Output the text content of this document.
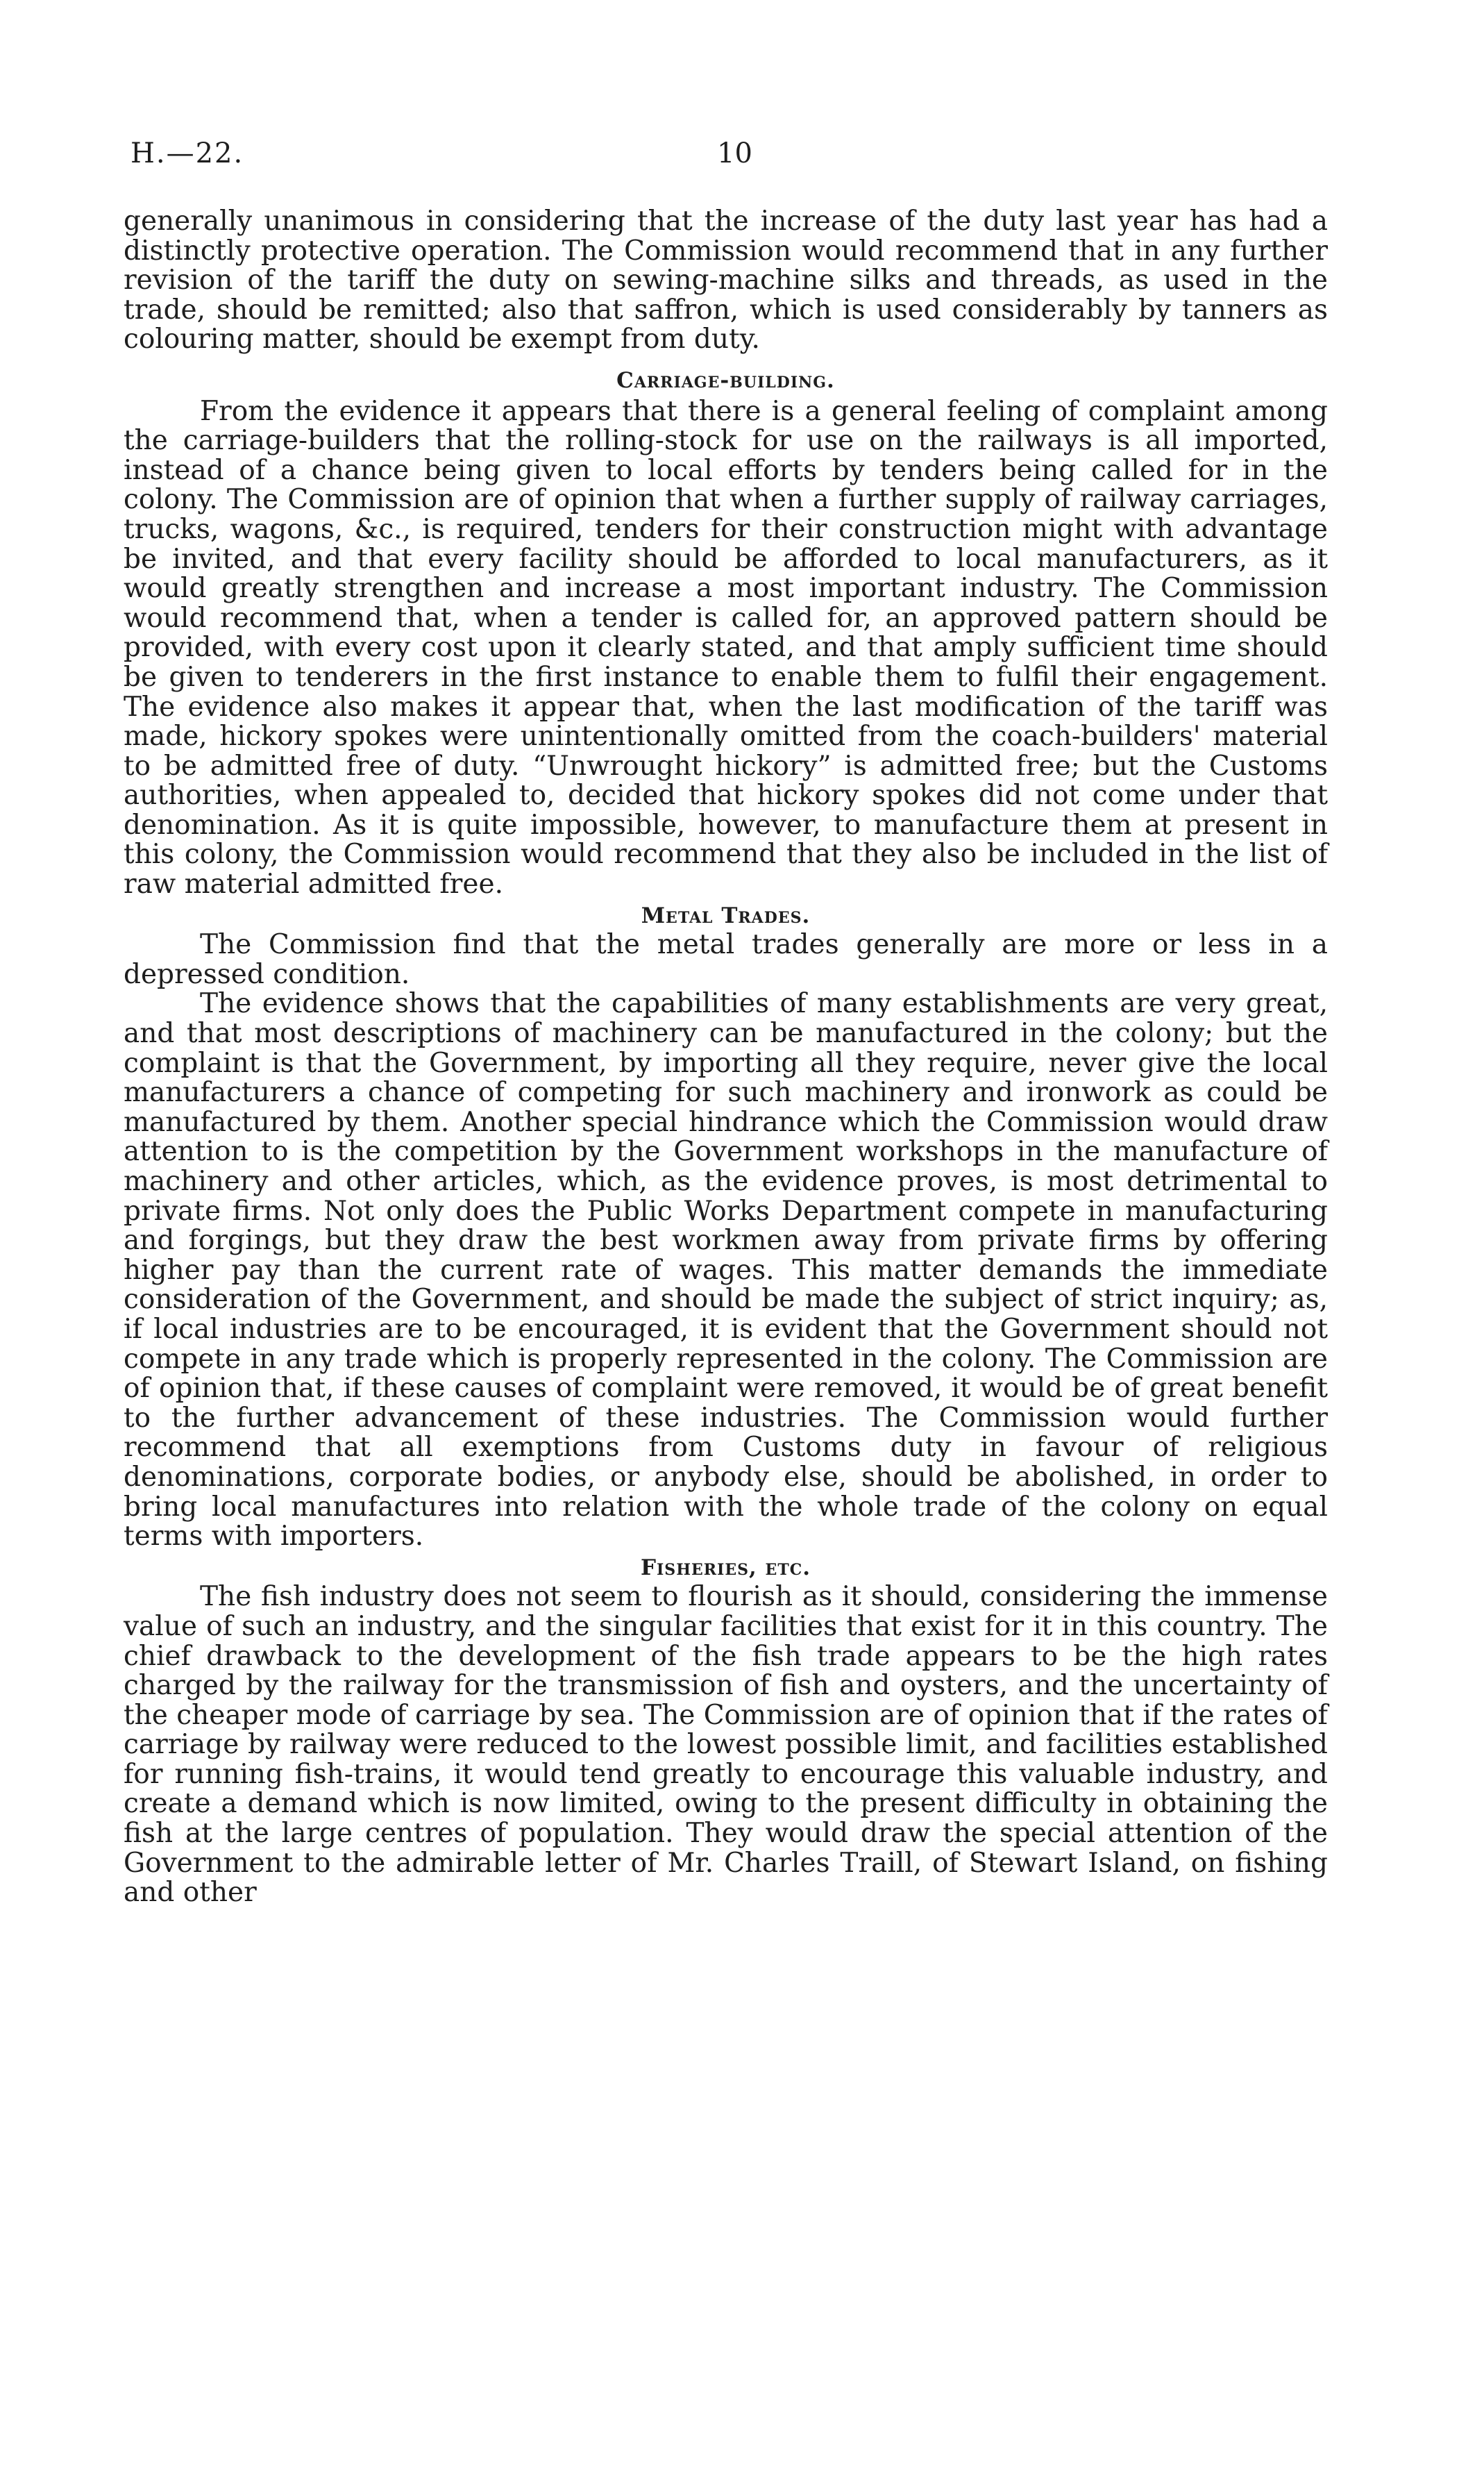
H.—22.	10

generally unanimous in considering that the increase of the duty last year has had a distinctly protective operation. The Commission would recommend that in any further revision of the tariff the duty on sewing-machine silks and threads, as used in the trade, should be remitted; also that saffron, which is used considerably by tanners as colouring matter, should be exempt from duty.

Carriage-building.

From the evidence it appears that there is a general feeling of complaint among the carriage-builders that the rolling-stock for use on the railways is all imported, instead of a chance being given to local efforts by tenders being called for in the colony. The Commission are of opinion that when a further supply of railway carriages, trucks, wagons, &c., is required, tenders for their construction might with advantage be invited, and that every facility should be afforded to local manufacturers, as it would greatly strengthen and increase a most important industry. The Commission would recommend that, when a tender is called for, an approved pattern should be provided, with every cost upon it clearly stated, and that amply sufficient time should be given to tenderers in the first instance to enable them to fulfil their engagement. The evidence also makes it appear that, when the last modification of the tariff was made, hickory spokes were unintentionally omitted from the coach-builders' material to be admitted free of duty. “Unwrought hickory” is admitted free; but the Customs authorities, when appealed to, decided that hickory spokes did not come under that denomination. As it is quite impossible, however, to manufacture them at present in this colony, the Commission would recommend that they also be included in the list of raw material admitted free.

Metal Trades.

The Commission find that the metal trades generally are more or less in a depressed condition.

The evidence shows that the capabilities of many establishments are very great, and that most descriptions of machinery can be manufactured in the colony; but the complaint is that the Government, by importing all they require, never give the local manufacturers a chance of competing for such machinery and ironwork as could be manufactured by them. Another special hindrance which the Commission would draw attention to is the competition by the Government workshops in the manufacture of machinery and other articles, which, as the evidence proves, is most detrimental to private firms. Not only does the Public Works Department compete in manufacturing and forgings, but they draw the best workmen away from private firms by offering higher pay than the current rate of wages. This matter demands the immediate consideration of the Government, and should be made the subject of strict inquiry; as, if local industries are to be encouraged, it is evident that the Government should not compete in any trade which is properly represented in the colony. The Commission are of opinion that, if these causes of complaint were removed, it would be of great benefit to the further advancement of these industries. The Commission would further recommend that all exemptions from Customs duty in favour of religious denominations, corporate bodies, or anybody else, should be abolished, in order to bring local manufactures into relation with the whole trade of the colony on equal terms with importers.

Fisheries, etc.

The fish industry does not seem to flourish as it should, considering the immense value of such an industry, and the singular facilities that exist for it in this country. The chief drawback to the development of the fish trade appears to be the high rates charged by the railway for the transmission of fish and oysters, and the uncertainty of the cheaper mode of carriage by sea. The Commission are of opinion that if the rates of carriage by railway were reduced to the lowest possible limit, and facilities established for running fish-trains, it would tend greatly to encourage this valuable industry, and create a demand which is now limited, owing to the present difficulty in obtaining the fish at the large centres of population. They would draw the special attention of the Government to the admirable letter of Mr. Charles Traill, of Stewart Island, on fishing and other
